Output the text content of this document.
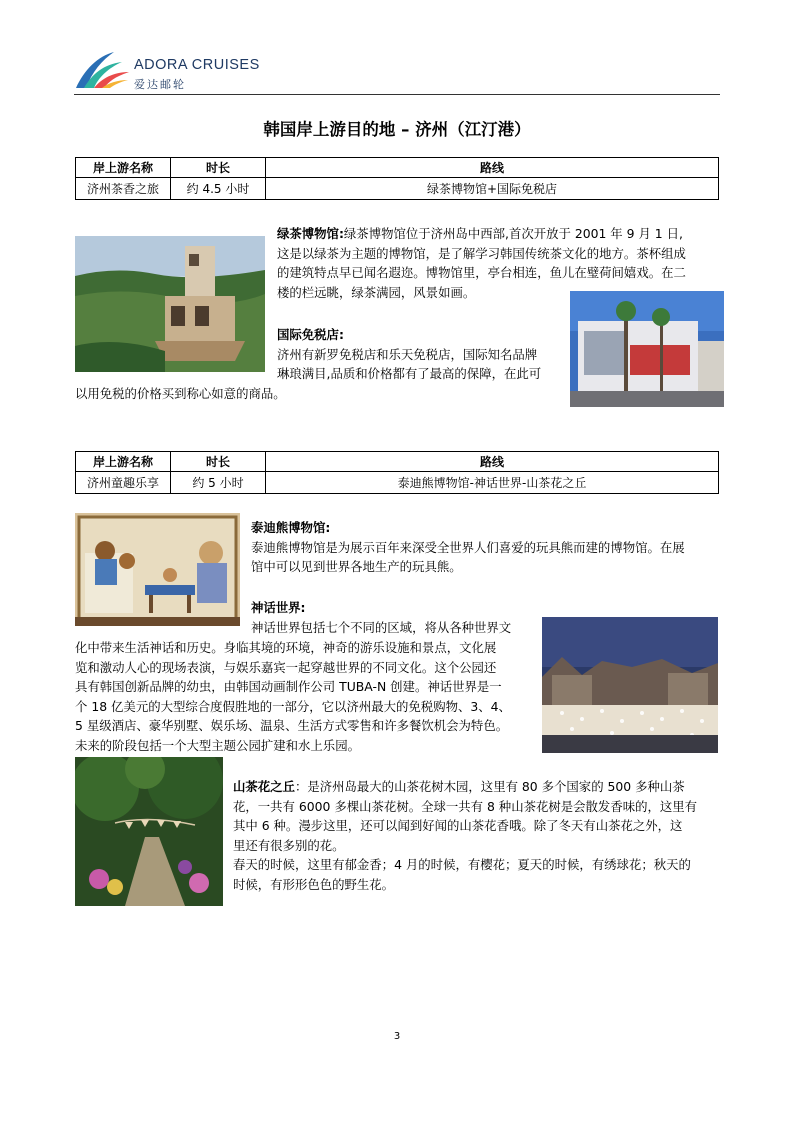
ADORA CRUISES
爱达邮轮
韩国岸上游目的地 – 济州（江汀港）
岸上游名称	时长	路线
济州茶香之旅	约 4.5 小时	绿茶博物馆+国际免税店
绿茶博物馆:绿茶博物馆位于济州岛中西部,首次开放于 2001 年 9 月 1 日,
这是以绿茶为主题的博物馆，是了解学习韩国传统茶文化的地方。茶杯组成
的建筑特点早已闻名遐迩。博物馆里，亭台相连，鱼儿在璧荷间嬉戏。在二
楼的栏远眺，绿茶满园，风景如画。
国际免税店:
济州有新罗免税店和乐天免税店，国际知名品牌
琳琅满目,品质和价格都有了最高的保障，在此可
以用免税的价格买到称心如意的商品。
岸上游名称	时长	路线
济州童趣乐享	约 5 小时	泰迪熊博物馆-神话世界-山茶花之丘
泰迪熊博物馆:
泰迪熊博物馆是为展示百年来深受全世界人们喜爱的玩具熊而建的博物馆。在展
馆中可以见到世界各地生产的玩具熊。
神话世界:
神话世界包括七个不同的区域，将从各种世界文
化中带来生活神话和历史。身临其境的环境，神奇的游乐设施和景点，文化展
览和激动人心的现场表演，与娱乐嘉宾一起穿越世界的不同文化。这个公园还
具有韩国创新品牌的幼虫，由韩国动画制作公司 TUBA-N 创建。神话世界是一
个 18 亿美元的大型综合度假胜地的一部分，它以济州最大的免税购物、3、4、
5 星级酒店、豪华别墅、娱乐场、温泉、生活方式零售和许多餐饮机会为特色。
未来的阶段包括一个大型主题公园扩建和水上乐园。
山茶花之丘：是济州岛最大的山茶花树木园，这里有 80 多个国家的 500 多种山茶
花，一共有 6000 多棵山茶花树。全球一共有 8 种山茶花树是会散发香味的，这里有
其中 6 种。漫步这里，还可以闻到好闻的山茶花香哦。除了冬天有山茶花之外，这
里还有很多别的花。
春天的时候，这里有郁金香；4 月的时候，有樱花；夏天的时候，有绣球花；秋天的
时候，有形形色色的野生花。
3
